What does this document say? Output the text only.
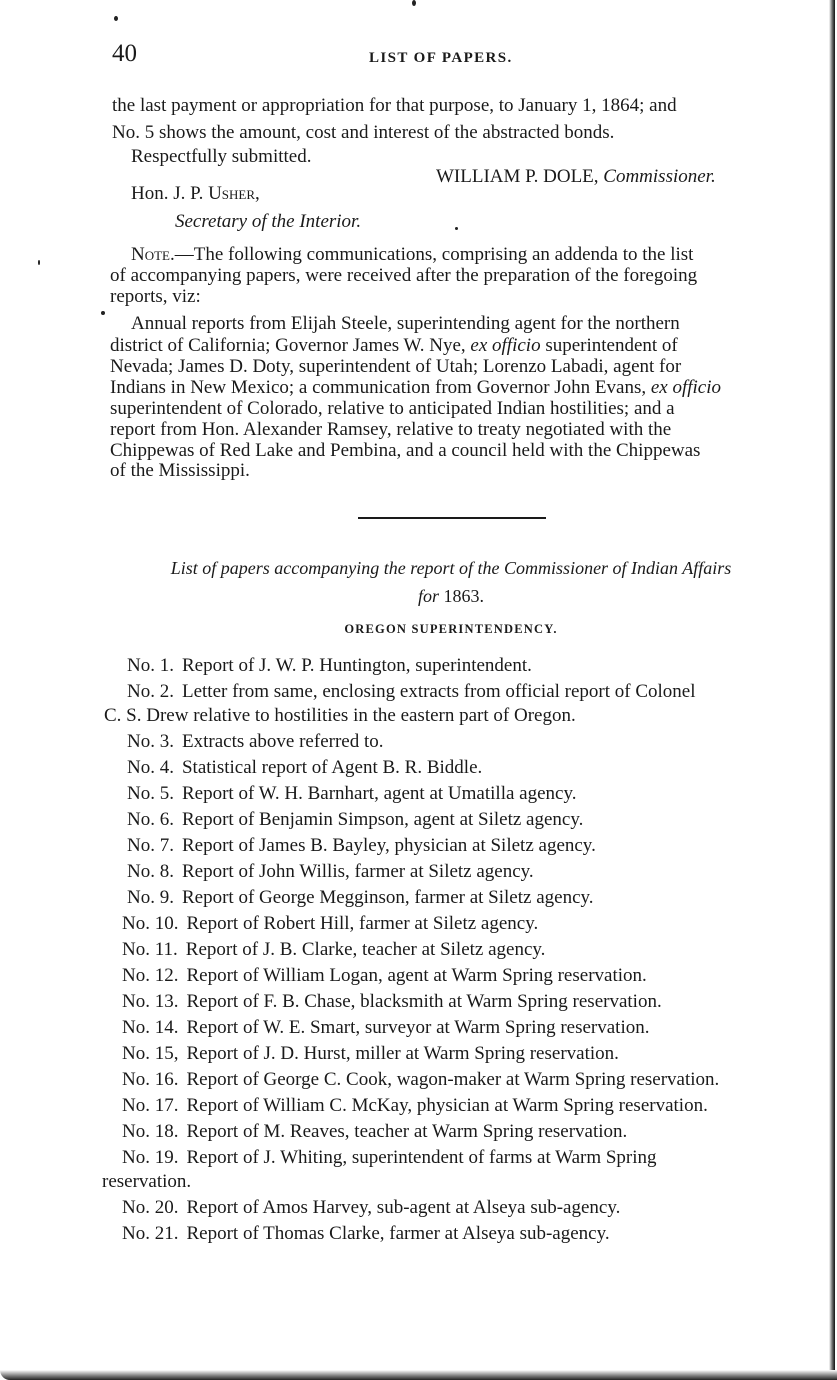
40	LIST OF PAPERS.
the last payment or appropriation for that purpose, to January 1, 1864; and
No. 5 shows the amount, cost and interest of the abstracted bonds.
Respectfully submitted.
WILLIAM P. DOLE, Commissioner.
Hon. J. P. Usher,
Secretary of the Interior.
Note.—The following communications, comprising an addenda to the list
of accompanying papers, were received after the preparation of the foregoing
reports, viz:
Annual reports from Elijah Steele, superintending agent for the northern
district of California; Governor James W. Nye, ex officio superintendent of
Nevada; James D. Doty, superintendent of Utah; Lorenzo Labadi, agent for
Indians in New Mexico; a communication from Governor John Evans, ex officio
superintendent of Colorado, relative to anticipated Indian hostilities; and a
report from Hon. Alexander Ramsey, relative to treaty negotiated with the
Chippewas of Red Lake and Pembina, and a council held with the Chippewas
of the Mississippi.
List of papers accompanying the report of the Commissioner of Indian Affairs
for 1863.
OREGON SUPERINTENDENCY.
No. 1. Report of J. W. P. Huntington, superintendent.
No. 2. Letter from same, enclosing extracts from official report of Colonel
C. S. Drew relative to hostilities in the eastern part of Oregon.
No. 3. Extracts above referred to.
No. 4. Statistical report of Agent B. R. Biddle.
No. 5. Report of W. H. Barnhart, agent at Umatilla agency.
No. 6. Report of Benjamin Simpson, agent at Siletz agency.
No. 7. Report of James B. Bayley, physician at Siletz agency.
No. 8. Report of John Willis, farmer at Siletz agency.
No. 9. Report of George Megginson, farmer at Siletz agency.
No. 10. Report of Robert Hill, farmer at Siletz agency.
No. 11. Report of J. B. Clarke, teacher at Siletz agency.
No. 12. Report of William Logan, agent at Warm Spring reservation.
No. 13. Report of F. B. Chase, blacksmith at Warm Spring reservation.
No. 14. Report of W. E. Smart, surveyor at Warm Spring reservation.
No. 15, Report of J. D. Hurst, miller at Warm Spring reservation.
No. 16. Report of George C. Cook, wagon-maker at Warm Spring reservation.
No. 17. Report of William C. McKay, physician at Warm Spring reservation.
No. 18. Report of M. Reaves, teacher at Warm Spring reservation.
No. 19. Report of J. Whiting, superintendent of farms at Warm Spring
reservation.
No. 20. Report of Amos Harvey, sub-agent at Alseya sub-agency.
No. 21. Report of Thomas Clarke, farmer at Alseya sub-agency.
